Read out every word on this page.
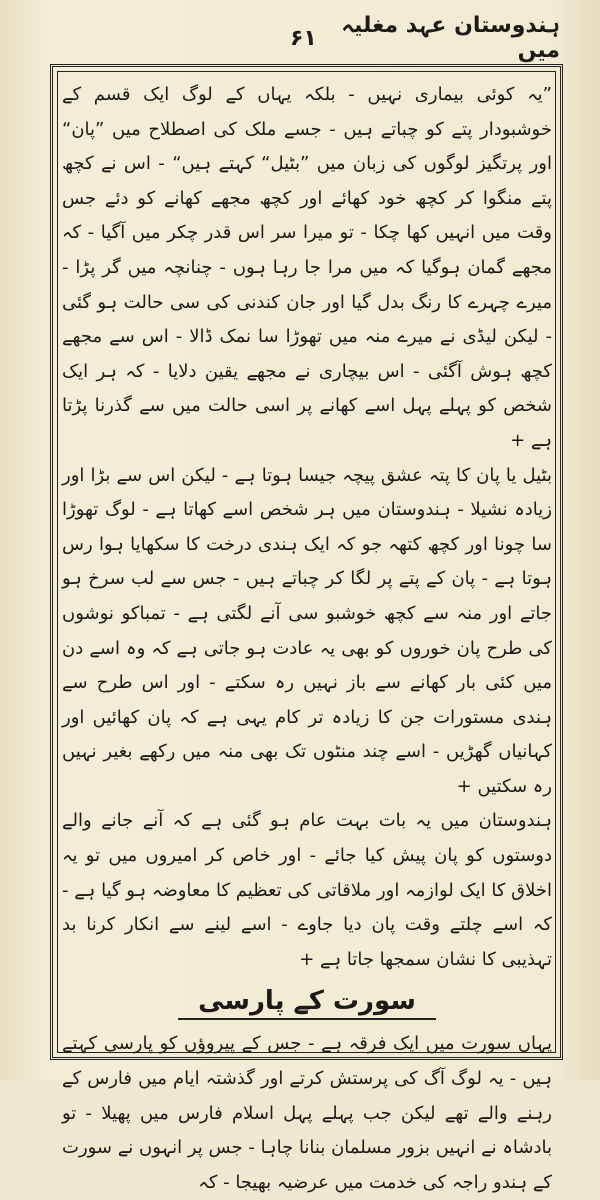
۶۱	ہندوستان عہد مغلیہ میں

”یہ کوئی بیماری نہیں - بلکہ یہاں کے لوگ ایک قسم کے خوشبودار پتے کو چباتے ہیں - جسے ملک کی اصطلاح میں ”پان“ اور پرتگیز لوگوں کی زبان میں ”بٹیل“ کہتے ہیں“ - اس نے کچھ پتے منگوا کر کچھ خود کھائے اور کچھ مجھے کھانے کو دئے جس وقت میں انہیں کھا چکا - تو میرا سر اس قدر چکر میں آگیا - کہ مجھے گمان ہوگیا کہ میں مرا جا رہا ہوں - چنانچہ میں گر پڑا - میرے چہرے کا رنگ بدل گیا اور جان کندنی کی سی حالت ہو گئی - لیکن لیڈی نے میرے منہ میں تھوڑا سا نمک ڈالا - اس سے مجھے کچھ ہوش آگئی - اس بیچاری نے مجھے یقین دلایا - کہ ہر ایک شخص کو پہلے پہل اسے کھانے پر اسی حالت میں سے گذرنا پڑتا ہے +

بٹیل یا پان کا پتہ عشق پیچہ جیسا ہوتا ہے - لیکن اس سے بڑا اور زیادہ نشیلا - ہندوستان میں ہر شخص اسے کھاتا ہے - لوگ تھوڑا سا چونا اور کچھ کتھہ جو کہ ایک ہندی درخت کا سکھایا ہوا رس ہوتا ہے - پان کے پتے پر لگا کر چباتے ہیں - جس سے لب سرخ ہو جاتے اور منہ سے کچھ خوشبو سی آنے لگتی ہے - تمباکو نوشوں کی طرح پان خوروں کو بھی یہ عادت ہو جاتی ہے کہ وہ اسے دن میں کئی بار کھانے سے باز نہیں رہ سکتے - اور اس طرح سے ہندی مستورات جن کا زیادہ تر کام یہی ہے کہ پان کھائیں اور کہانیاں گھڑیں - اسے چند منٹوں تک بھی منہ میں رکھے بغیر نہیں رہ سکتیں +

ہندوستان میں یہ بات بہت عام ہو گئی ہے کہ آنے جانے والے دوستوں کو پان پیش کیا جائے - اور خاص کر امیروں میں تو یہ اخلاق کا ایک لوازمہ اور ملاقاتی کی تعظیم کا معاوضہ ہو گیا ہے - کہ اسے چلتے وقت پان دیا جاوے - اسے لینے سے انکار کرنا بد تہذیبی کا نشان سمجھا جاتا ہے +

سورت کے پارسی

یہاں سورت میں ایک فرقہ ہے - جس کے پیروؤں کو پارسی کہتے ہیں - یہ لوگ آگ کی پرستش کرتے اور گذشتہ ایام میں فارس کے رہنے والے تھے لیکن جب پہلے پہل اسلام فارس میں پھیلا - تو بادشاہ نے انہیں بزور مسلمان بنانا چاہا - جس پر انہوں نے سورت کے ہندو راجہ کی خدمت میں عرضیہ بھیجا - کہ
